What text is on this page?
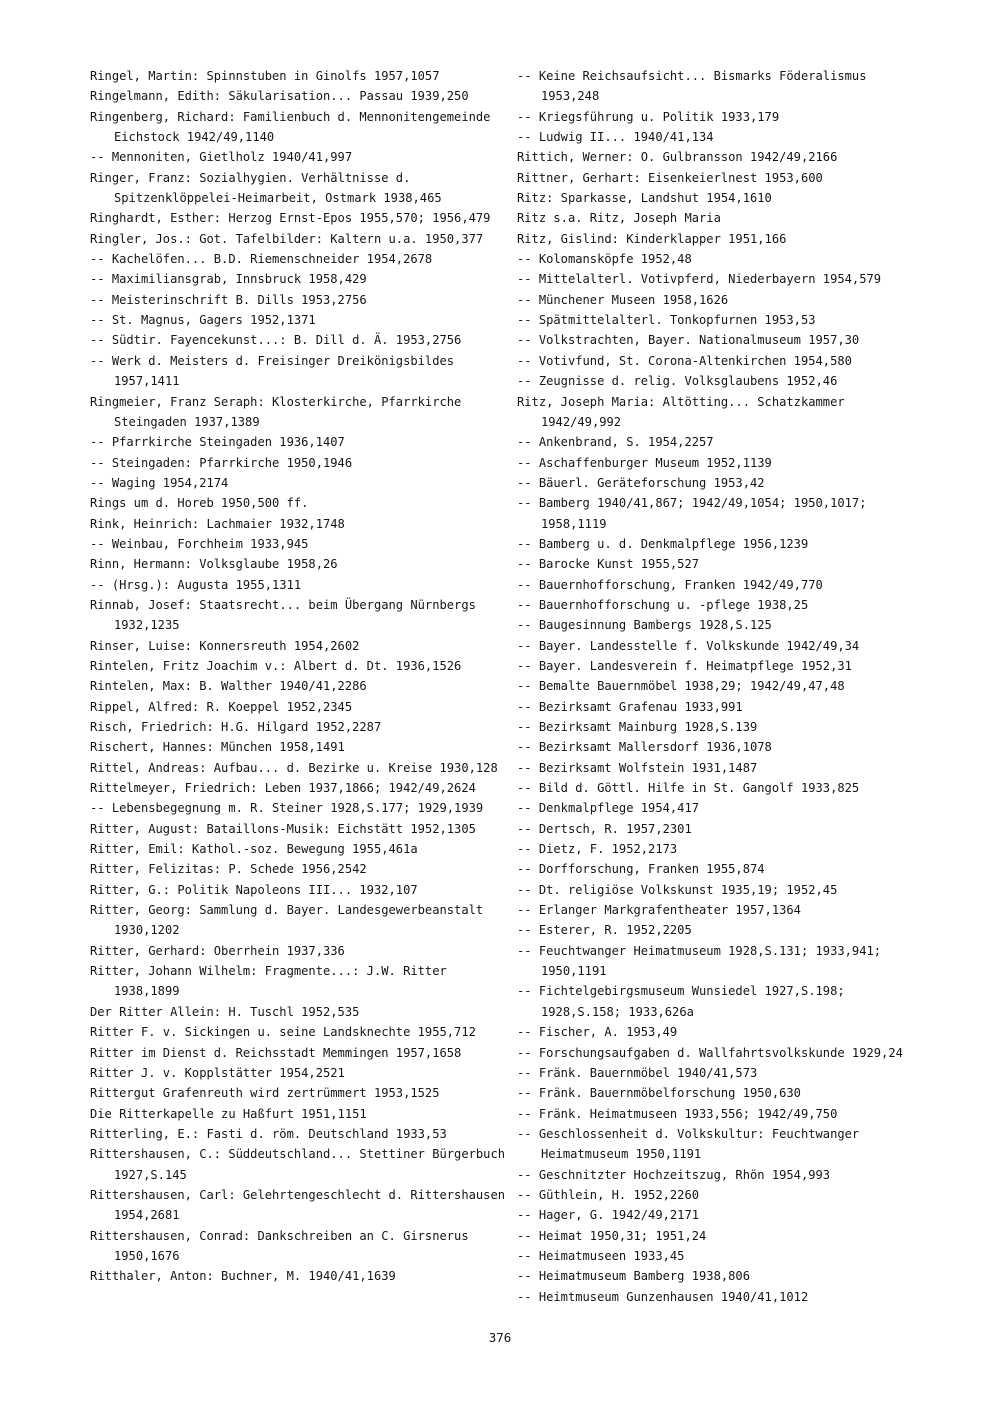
Ringel, Martin: Spinnstuben in Ginolfs 1957,1057

Ringelmann, Edith: Säkularisation... Passau 1939,250

Ringenberg, Richard: Familienbuch d. Mennonitengemeinde Eichstock 1942/49,1140

-- Mennoniten, Gietlholz 1940/41,997

Ringer, Franz: Sozialhygien. Verhältnisse d. Spitzenklöppelei-Heimarbeit, Ostmark 1938,465

Ringhardt, Esther: Herzog Ernst-Epos 1955,570; 1956,479

Ringler, Jos.: Got. Tafelbilder: Kaltern u.a. 1950,377

-- Kachelöfen... B.D. Riemenschneider 1954,2678

-- Maximiliansgrab, Innsbruck 1958,429

-- Meisterinschrift B. Dills 1953,2756

-- St. Magnus, Gagers 1952,1371

-- Südtir. Fayencekunst...: B. Dill d. Ä. 1953,2756

-- Werk d. Meisters d. Freisinger Dreikönigsbildes 1957,1411

Ringmeier, Franz Seraph: Klosterkirche, Pfarrkirche Steingaden 1937,1389

-- Pfarrkirche Steingaden 1936,1407

-- Steingaden: Pfarrkirche 1950,1946

-- Waging 1954,2174

Rings um d. Horeb 1950,500 ff.

Rink, Heinrich: Lachmaier 1932,1748

-- Weinbau, Forchheim 1933,945

Rinn, Hermann: Volksglaube 1958,26

-- (Hrsg.): Augusta 1955,1311

Rinnab, Josef: Staatsrecht... beim Übergang Nürnbergs 1932,1235

Rinser, Luise: Konnersreuth 1954,2602

Rintelen, Fritz Joachim v.: Albert d. Dt. 1936,1526

Rintelen, Max: B. Walther 1940/41,2286

Rippel, Alfred: R. Koeppel 1952,2345

Risch, Friedrich: H.G. Hilgard 1952,2287

Rischert, Hannes: München 1958,1491

Rittel, Andreas: Aufbau... d. Bezirke u. Kreise 1930,128

Rittelmeyer, Friedrich: Leben 1937,1866; 1942/49,2624

-- Lebensbegegnung m. R. Steiner 1928,S.177; 1929,1939

Ritter, August: Bataillons-Musik: Eichstätt 1952,1305

Ritter, Emil: Kathol.-soz. Bewegung 1955,461a

Ritter, Felizitas: P. Schede 1956,2542

Ritter, G.: Politik Napoleons III... 1932,107

Ritter, Georg: Sammlung d. Bayer. Landesgewerbeanstalt 1930,1202

Ritter, Gerhard: Oberrhein 1937,336

Ritter, Johann Wilhelm: Fragmente...: J.W. Ritter 1938,1899

Der Ritter Allein: H. Tuschl 1952,535

Ritter F. v. Sickingen u. seine Landsknechte 1955,712

Ritter im Dienst d. Reichsstadt Memmingen 1957,1658

Ritter J. v. Kopplstätter 1954,2521

Rittergut Grafenreuth wird zertrümmert 1953,1525

Die Ritterkapelle zu Haßfurt 1951,1151

Ritterling, E.: Fasti d. röm. Deutschland 1933,53

Rittershausen, C.: Süddeutschland... Stettiner Bürgerbuch 1927,S.145

Rittershausen, Carl: Gelehrtengeschlecht d. Rittershausen 1954,2681

Rittershausen, Conrad: Dankschreiben an C. Girsnerus 1950,1676

Ritthaler, Anton: Buchner, M. 1940/41,1639

-- Keine Reichsaufsicht... Bismarks Föderalismus 1953,248

-- Kriegsführung u. Politik 1933,179

-- Ludwig II... 1940/41,134

Rittich, Werner: O. Gulbransson 1942/49,2166

Rittner, Gerhart: Eisenkeierlnest 1953,600

Ritz: Sparkasse, Landshut 1954,1610

Ritz s.a. Ritz, Joseph Maria

Ritz, Gislind: Kinderklapper 1951,166

-- Kolomansköpfe 1952,48

-- Mittelalterl. Votivpferd, Niederbayern 1954,579

-- Münchener Museen 1958,1626

-- Spätmittelalterl. Tonkopfurnen 1953,53

-- Volkstrachten, Bayer. Nationalmuseum 1957,30

-- Votivfund, St. Corona-Altenkirchen 1954,580

-- Zeugnisse d. relig. Volksglaubens 1952,46

Ritz, Joseph Maria: Altötting... Schatzkammer 1942/49,992

-- Ankenbrand, S. 1954,2257

-- Aschaffenburger Museum 1952,1139

-- Bäuerl. Geräteforschung 1953,42

-- Bamberg 1940/41,867; 1942/49,1054; 1950,1017; 1958,1119

-- Bamberg u. d. Denkmalpflege 1956,1239

-- Barocke Kunst 1955,527

-- Bauernhofforschung, Franken 1942/49,770

-- Bauernhofforschung u. -pflege 1938,25

-- Baugesinnung Bambergs 1928,S.125

-- Bayer. Landesstelle f. Volkskunde 1942/49,34

-- Bayer. Landesverein f. Heimatpflege 1952,31

-- Bemalte Bauernmöbel 1938,29; 1942/49,47,48

-- Bezirksamt Grafenau 1933,991

-- Bezirksamt Mainburg 1928,S.139

-- Bezirksamt Mallersdorf 1936,1078

-- Bezirksamt Wolfstein 1931,1487

-- Bild d. Göttl. Hilfe in St. Gangolf 1933,825

-- Denkmalpflege 1954,417

-- Dertsch, R. 1957,2301

-- Dietz, F. 1952,2173

-- Dorfforschung, Franken 1955,874

-- Dt. religiöse Volkskunst 1935,19; 1952,45

-- Erlanger Markgrafentheater 1957,1364

-- Esterer, R. 1952,2205

-- Feuchtwanger Heimatmuseum 1928,S.131; 1933,941; 1950,1191

-- Fichtelgebirgsmuseum Wunsiedel 1927,S.198; 1928,S.158; 1933,626a

-- Fischer, A. 1953,49

-- Forschungsaufgaben d. Wallfahrtsvolkskunde 1929,24

-- Fränk. Bauernmöbel 1940/41,573

-- Fränk. Bauernmöbelforschung 1950,630

-- Fränk. Heimatmuseen 1933,556; 1942/49,750

-- Geschlossenheit d. Volkskultur: Feuchtwanger Heimatmuseum 1950,1191

-- Geschnitzter Hochzeitszug, Rhön 1954,993

-- Güthlein, H. 1952,2260

-- Hager, G. 1942/49,2171

-- Heimat 1950,31; 1951,24

-- Heimatmuseen 1933,45

-- Heimatmuseum Bamberg 1938,806

-- Heimtmuseum Gunzenhausen 1940/41,1012

376
